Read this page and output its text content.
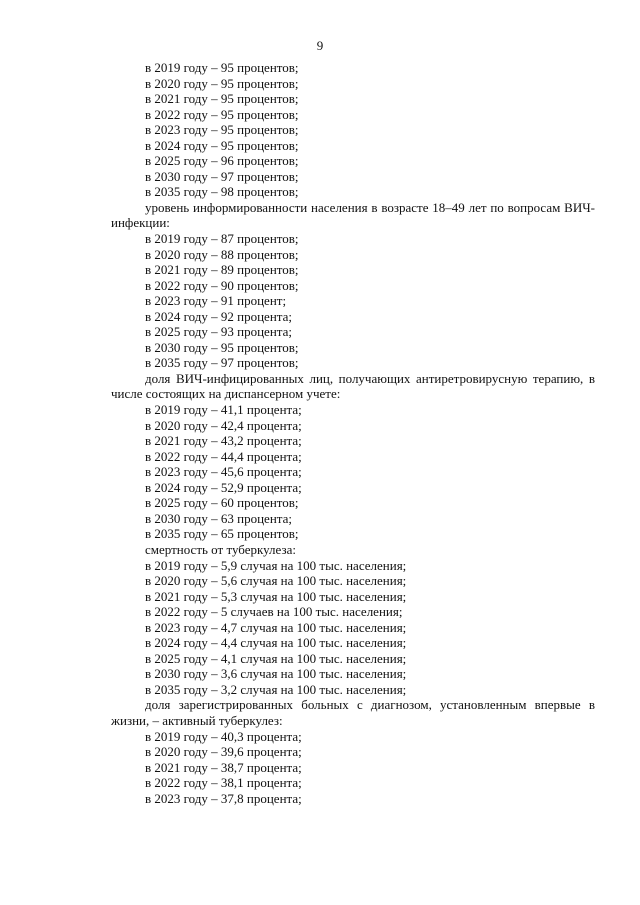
9
в 2019 году – 95 процентов;
в 2020 году – 95 процентов;
в 2021 году – 95 процентов;
в 2022 году – 95 процентов;
в 2023 году – 95 процентов;
в 2024 году – 95 процентов;
в 2025 году – 96 процентов;
в 2030 году – 97 процентов;
в 2035 году – 98 процентов;
уровень информированности населения в возрасте 18–49 лет по вопросам ВИЧ-инфекции:
в 2019 году – 87 процентов;
в 2020 году – 88 процентов;
в 2021 году – 89 процентов;
в 2022 году – 90 процентов;
в 2023 году – 91 процент;
в 2024 году – 92 процента;
в 2025 году – 93 процента;
в 2030 году – 95 процентов;
в 2035 году – 97 процентов;
доля ВИЧ-инфицированных лиц, получающих антиретровирусную терапию, в числе состоящих на диспансерном учете:
в 2019 году – 41,1 процента;
в 2020 году – 42,4 процента;
в 2021 году – 43,2 процента;
в 2022 году – 44,4 процента;
в 2023 году – 45,6 процента;
в 2024 году – 52,9 процента;
в 2025 году – 60 процентов;
в 2030 году – 63 процента;
в 2035 году – 65 процентов;
смертность от туберкулеза:
в 2019 году – 5,9 случая на 100 тыс. населения;
в 2020 году – 5,6 случая на 100 тыс. населения;
в 2021 году – 5,3 случая на 100 тыс. населения;
в 2022 году – 5 случаев на 100 тыс. населения;
в 2023 году – 4,7 случая на 100 тыс. населения;
в 2024 году – 4,4 случая на 100 тыс. населения;
в 2025 году – 4,1 случая на 100 тыс. населения;
в 2030 году – 3,6 случая на 100 тыс. населения;
в 2035 году – 3,2 случая на 100 тыс. населения;
доля зарегистрированных больных с диагнозом, установленным впервые в жизни, – активный туберкулез:
в 2019 году – 40,3 процента;
в 2020 году – 39,6 процента;
в 2021 году – 38,7 процента;
в 2022 году – 38,1 процента;
в 2023 году – 37,8 процента;
